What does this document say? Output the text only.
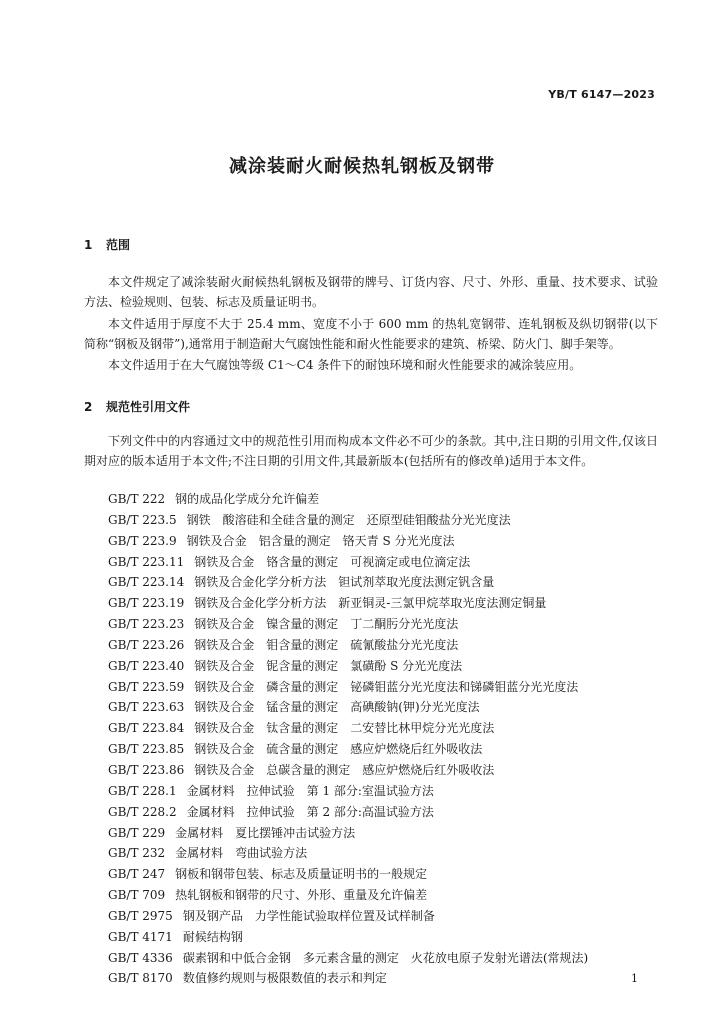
YB/T 6147—2023
减涂装耐火耐候热轧钢板及钢带
1 范围
本文件规定了减涂装耐火耐候热轧钢板及钢带的牌号、订货内容、尺寸、外形、重量、技术要求、试验方法、检验规则、包装、标志及质量证明书。
本文件适用于厚度不大于 25.4 mm、宽度不小于 600 mm 的热轧宽钢带、连轧钢板及纵切钢带(以下简称“钢板及钢带”),通常用于制造耐大气腐蚀性能和耐火性能要求的建筑、桥梁、防火门、脚手架等。
本文件适用于在大气腐蚀等级 C1～C4 条件下的耐蚀环境和耐火性能要求的减涂装应用。
2 规范性引用文件
下列文件中的内容通过文中的规范性引用而构成本文件必不可少的条款。其中,注日期的引用文件,仅该日期对应的版本适用于本文件;不注日期的引用文件,其最新版本(包括所有的修改单)适用于本文件。
GB/T 222 钢的成品化学成分允许偏差
GB/T 223.5 钢铁　酸溶硅和全硅含量的测定　还原型硅钼酸盐分光光度法
GB/T 223.9 钢铁及合金　铝含量的测定　铬天青 S 分光光度法
GB/T 223.11 钢铁及合金　铬含量的测定　可视滴定或电位滴定法
GB/T 223.14 钢铁及合金化学分析方法　钽试剂萃取光度法测定钒含量
GB/T 223.19 钢铁及合金化学分析方法　新亚铜灵-三氯甲烷萃取光度法测定铜量
GB/T 223.23 钢铁及合金　镍含量的测定　丁二酮肟分光光度法
GB/T 223.26 钢铁及合金　钼含量的测定　硫氰酸盐分光光度法
GB/T 223.40 钢铁及合金　铌含量的测定　氯磺酚 S 分光光度法
GB/T 223.59 钢铁及合金　磷含量的测定　铋磷钼蓝分光光度法和锑磷钼蓝分光光度法
GB/T 223.63 钢铁及合金　锰含量的测定　高碘酸钠(钾)分光光度法
GB/T 223.84 钢铁及合金　钛含量的测定　二安替比林甲烷分光光度法
GB/T 223.85 钢铁及合金　硫含量的测定　感应炉燃烧后红外吸收法
GB/T 223.86 钢铁及合金　总碳含量的测定　感应炉燃烧后红外吸收法
GB/T 228.1 金属材料　拉伸试验　第 1 部分:室温试验方法
GB/T 228.2 金属材料　拉伸试验　第 2 部分:高温试验方法
GB/T 229 金属材料　夏比摆锤冲击试验方法
GB/T 232 金属材料　弯曲试验方法
GB/T 247 钢板和钢带包装、标志及质量证明书的一般规定
GB/T 709 热轧钢板和钢带的尺寸、外形、重量及允许偏差
GB/T 2975 钢及钢产品　力学性能试验取样位置及试样制备
GB/T 4171 耐候结构钢
GB/T 4336 碳素钢和中低合金钢　多元素含量的测定　火花放电原子发射光谱法(常规法)
GB/T 8170 数值修约规则与极限数值的表示和判定	1
